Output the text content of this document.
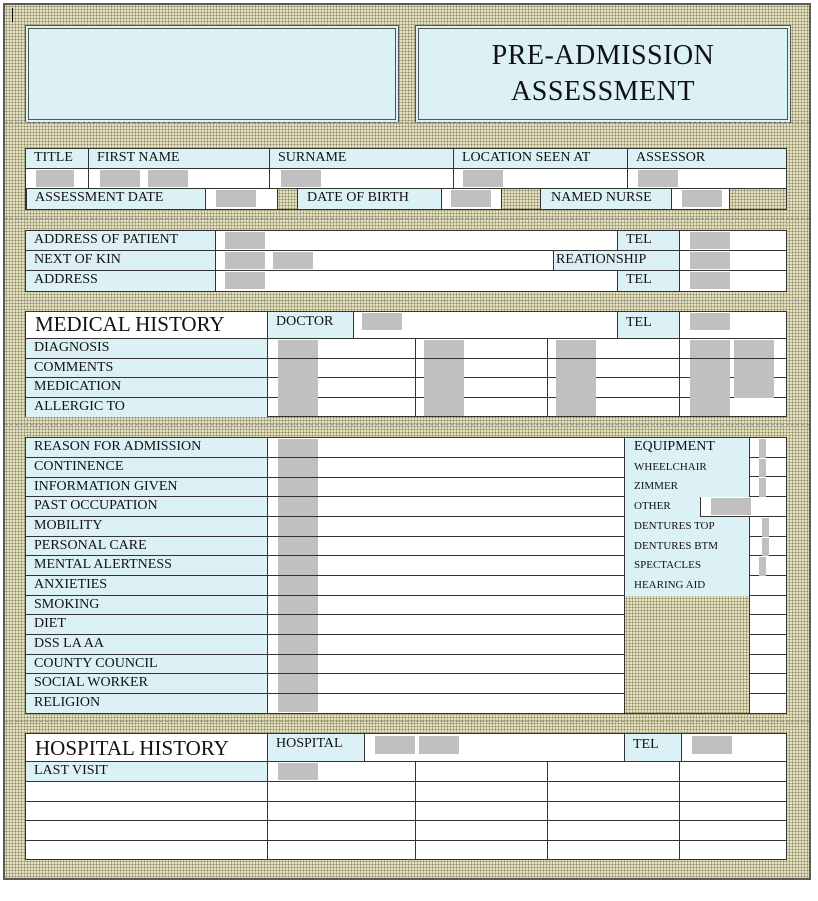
PRE-ADMISSION
ASSESSMENT
TITLE	FIRST NAME	SURNAME	LOCATION SEEN AT	ASSESSOR
ASSESSMENT DATE	DATE OF BIRTH	NAMED NURSE
ADDRESS OF PATIENT	TEL
NEXT OF KIN	REATIONSHIP
ADDRESS	TEL
MEDICAL HISTORY	DOCTOR	TEL
DIAGNOSIS
COMMENTS
MEDICATION
ALLERGIC TO
REASON FOR ADMISSION
CONTINENCE
INFORMATION GIVEN
PAST OCCUPATION
MOBILITY
PERSONAL CARE
MENTAL ALERTNESS
ANXIETIES
SMOKING
DIET
DSS LA AA
COUNTY COUNCIL
SOCIAL WORKER
RELIGION
EQUIPMENT
WHEELCHAIR
ZIMMER
OTHER
DENTURES TOP
DENTURES BTM
SPECTACLES
HEARING AID
HOSPITAL HISTORY	HOSPITAL	TEL
LAST VISIT
